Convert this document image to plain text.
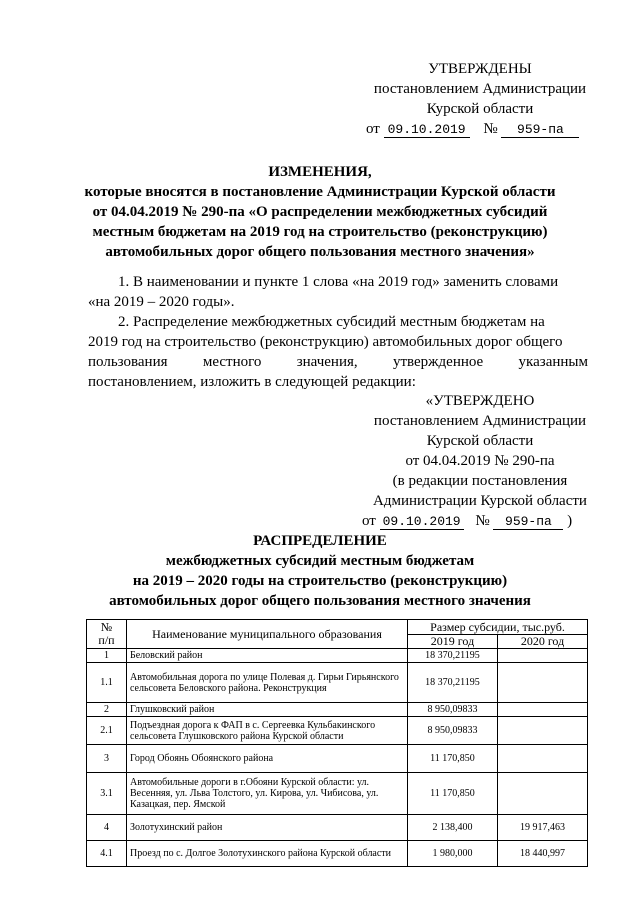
УТВЕРЖДЕНЫ
постановлением Администрации
Курской области
от 09.10.2019 № 959-па
ИЗМЕНЕНИЯ,
которые вносятся в постановление Администрации Курской области
от 04.04.2019 № 290-па «О распределении межбюджетных субсидий
местным бюджетам на 2019 год на строительство (реконструкцию)
автомобильных дорог общего пользования местного значения»
1. В наименовании и пункте 1 слова «на 2019 год» заменить словами
«на 2019 – 2020 годы».
2. Распределение межбюджетных субсидий местным бюджетам на
2019 год на строительство (реконструкцию) автомобильных дорог общего
пользования местного значения, утвержденное указанным
постановлением, изложить в следующей редакции:
«УТВЕРЖДЕНО
постановлением Администрации
Курской области
от 04.04.2019 № 290-па
(в редакции постановления
Администрации Курской области
от 09.10.2019 № 959-па )
РАСПРЕДЕЛЕНИЕ
межбюджетных субсидий местным бюджетам
на 2019 – 2020 годы на строительство (реконструкцию)
автомобильных дорог общего пользования местного значения
№
п/п	Наименование муниципального образования	Размер субсидии, тыс.руб.	
		2019 год	2020 год
1	Беловский район	18 370,21195	
1.1	Автомобильная дорога по улице Полевая д. Гирьи Гирьянского сельсовета Беловского района. Реконструкция	18 370,21195	
2	Глушковский район	8 950,09833	
2.1	Подъездная дорога к ФАП в с. Сергеевка Кульбакинского сельсовета Глушковского района Курской области	8 950,09833	
3	Город Обоянь Обоянского района	11 170,850	
3.1	Автомобильные дороги в г.Обояни Курской области: ул. Весенняя, ул. Льва Толстого, ул. Кирова, ул. Чибисова, ул. Казацкая, пер. Ямской	11 170,850	
4	Золотухинский район	2 138,400	19 917,463
4.1	Проезд по с. Долгое Золотухинского района Курской области	1 980,000	18 440,997
